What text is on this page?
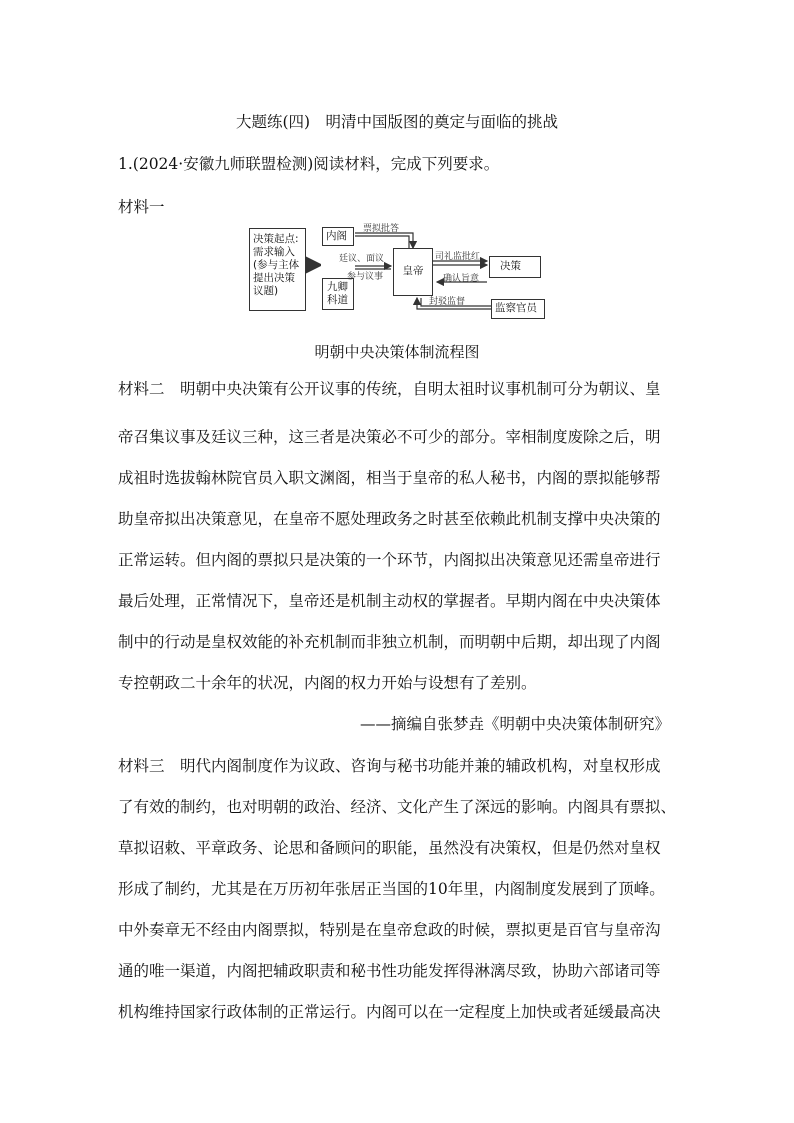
大题练(四)　明清中国版图的奠定与面临的挑战
1.(2024·安徽九师联盟检测)阅读材料，完成下列要求。
材料一
决策起点:
需求输入
(参与主体
提出决策
议题)
内阁
九卿
科道
皇帝	决策
监察官员
票拟批答
廷议、面议
参与议事
司礼监批红
确认旨意
封驳监督
明朝中央决策体制流程图
材料二　明朝中央决策有公开议事的传统，自明太祖时议事机制可分为朝议、皇
帝召集议事及廷议三种，这三者是决策必不可少的部分。宰相制度废除之后，明
成祖时选拔翰林院官员入职文渊阁，相当于皇帝的私人秘书，内阁的票拟能够帮
助皇帝拟出决策意见，在皇帝不愿处理政务之时甚至依赖此机制支撑中央决策的
正常运转。但内阁的票拟只是决策的一个环节，内阁拟出决策意见还需皇帝进行
最后处理，正常情况下，皇帝还是机制主动权的掌握者。早期内阁在中央决策体
制中的行动是皇权效能的补充机制而非独立机制，而明朝中后期，却出现了内阁
专控朝政二十余年的状况，内阁的权力开始与设想有了差别。
——摘编自张梦垚《明朝中央决策体制研究》
材料三　明代内阁制度作为议政、咨询与秘书功能并兼的辅政机构，对皇权形成
了有效的制约，也对明朝的政治、经济、文化产生了深远的影响。内阁具有票拟、
草拟诏敕、平章政务、论思和备顾问的职能，虽然没有决策权，但是仍然对皇权
形成了制约，尤其是在万历初年张居正当国的10年里，内阁制度发展到了顶峰。
中外奏章无不经由内阁票拟，特别是在皇帝怠政的时候，票拟更是百官与皇帝沟
通的唯一渠道，内阁把辅政职责和秘书性功能发挥得淋漓尽致，协助六部诸司等
机构维持国家行政体制的正常运行。内阁可以在一定程度上加快或者延缓最高决
